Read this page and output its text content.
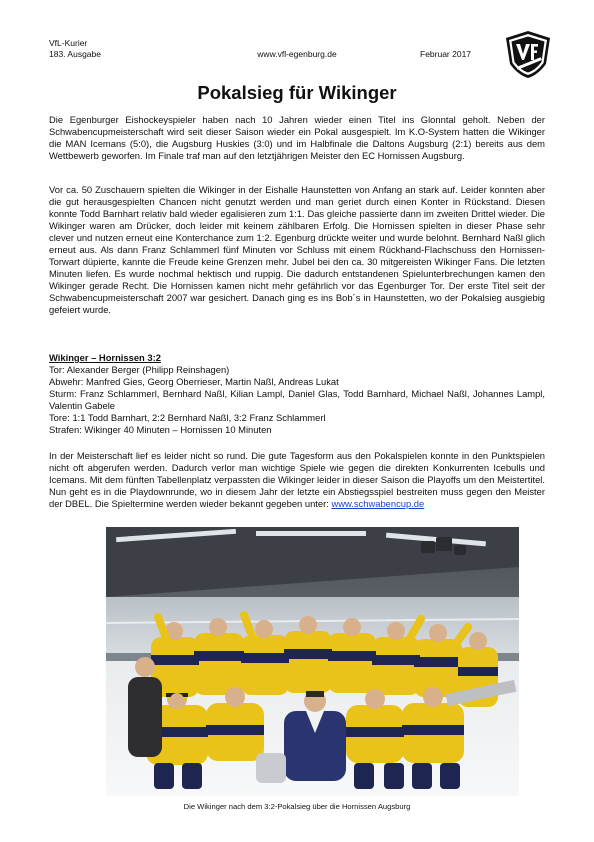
VfL-Kurier
183. Ausgabe	www.vfl-egenburg.de	Februar 2017
Pokalsieg für Wikinger
Die Egenburger Eishockeyspieler haben nach 10 Jahren wieder einen Titel ins Glonntal geholt. Neben der Schwabencupmeisterschaft wird seit dieser Saison wieder ein Pokal ausgespielt. Im K.O-System hatten die Wikinger die MAN Icemans (5:0), die Augsburg Huskies (3:0) und im Halbfinale die Daltons Augsburg (2:1) bereits aus dem Wettbewerb geworfen. Im Finale traf man auf den letztjährigen Meister den EC Hornissen Augsburg.
Vor ca. 50 Zuschauern spielten die Wikinger in der Eishalle Haunstetten von Anfang an stark auf. Leider konnten aber die gut herausgespielten Chancen nicht genutzt werden und man geriet durch einen Konter in Rückstand. Diesen konnte Todd Barnhart relativ bald wieder egalisieren zum 1:1. Das gleiche passierte dann im zweiten Drittel wieder. Die Wikinger waren am Drücker, doch leider mit keinem zählbaren Erfolg. Die Hornissen spielten in dieser Phase sehr clever und nutzen erneut eine Konterchance zum 1:2. Egenburg drückte weiter und wurde belohnt. Bernhard Naßl glich erneut aus. Als dann Franz Schlammerl fünf Minuten vor Schluss mit einem Rückhand-Flachschuss den Hornissen-Torwart düpierte, kannte die Freude keine Grenzen mehr. Jubel bei den ca. 30 mitgereisten Wikinger Fans. Die letzten Minuten liefen. Es wurde nochmal hektisch und ruppig. Die dadurch entstandenen Spielunterbrechungen kamen den Wikinger gerade Recht. Die Hornissen kamen nicht mehr gefährlich vor das Egenburger Tor. Der erste Titel seit der Schwabencupmeisterschaft 2007 war gesichert. Danach ging es ins Bob´s in Haunstetten, wo der Pokalsieg ausgiebig gefeiert wurde.
Wikinger – Hornissen 3:2
Tor: Alexander Berger (Philipp Reinshagen)
Abwehr: Manfred Gies, Georg Oberrieser, Martin Naßl, Andreas Lukat
Sturm: Franz Schlammerl, Bernhard Naßl, Kilian Lampl, Daniel Glas, Todd Barnhard, Michael Naßl, Johannes Lampl, Valentin Gabele
Tore: 1:1 Todd Barnhart, 2:2 Bernhard Naßl, 3:2 Franz Schlammerl
Strafen: Wikinger 40 Minuten – Hornissen 10 Minuten
In der Meisterschaft lief es leider nicht so rund. Die gute Tagesform aus den Pokalspielen konnte in den Punktspielen nicht oft abgerufen werden. Dadurch verlor man wichtige Spiele wie gegen die direkten Konkurrenten Icebulls und Icemans. Mit dem fünften Tabellenplatz verpassten die Wikinger leider in dieser Saison die Playoffs um den Meistertitel. Nun geht es in die Playdownrunde, wo in diesem Jahr der letzte ein Abstiegsspiel bestreiten muss gegen den Meister der DBEL. Die Spieltermine werden wieder bekannt gegeben unter: www.schwabencup.de
Die Wikinger nach dem 3:2-Pokalsieg über die Hornissen Augsburg
